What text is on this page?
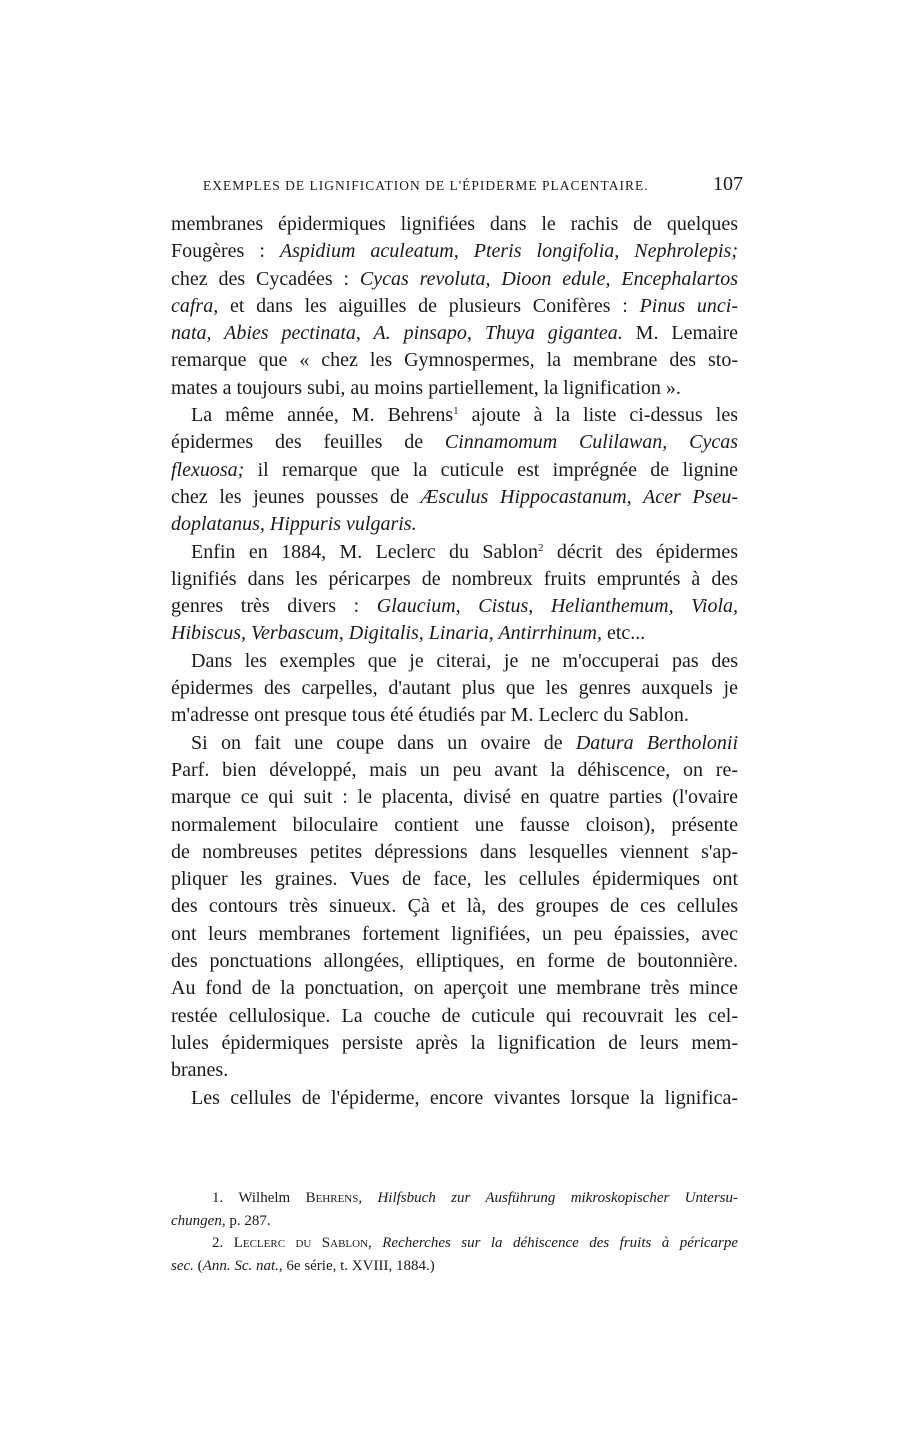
EXEMPLES DE LIGNIFICATION DE L'ÉPIDERME PLACENTAIRE.	107
membranes épidermiques lignifiées dans le rachis de quelques
Fougères : Aspidium aculeatum, Pteris longifolia, Nephrolepis;
chez des Cycadées : Cycas revoluta, Dioon edule, Encephalartos
cafra, et dans les aiguilles de plusieurs Conifères : Pinus unci-
nata, Abies pectinata, A. pinsapo, Thuya gigantea. M. Lemaire
remarque que « chez les Gymnospermes, la membrane des sto-
mates a toujours subi, au moins partiellement, la lignification ».
La même année, M. Behrens$^1$ ajoute à la liste ci-dessus les
épidermes des feuilles de Cinnamomum Culilawan, Cycas
flexuosa; il remarque que la cuticule est imprégnée de lignine
chez les jeunes pousses de Æsculus Hippocastanum, Acer Pseu-
doplatanus, Hippuris vulgaris.
Enfin en 1884, M. Leclerc du Sablon$^2$ décrit des épidermes
lignifiés dans les péricarpes de nombreux fruits empruntés à des
genres très divers : Glaucium, Cistus, Helianthemum, Viola,
Hibiscus, Verbascum, Digitalis, Linaria, Antirrhinum, etc...
Dans les exemples que je citerai, je ne m'occuperai pas des
épidermes des carpelles, d'autant plus que les genres auxquels je
m'adresse ont presque tous été étudiés par M. Leclerc du Sablon.
Si on fait une coupe dans un ovaire de Datura Bertholonii
Parf. bien développé, mais un peu avant la déhiscence, on re-
marque ce qui suit : le placenta, divisé en quatre parties (l'ovaire
normalement biloculaire contient une fausse cloison), présente
de nombreuses petites dépressions dans lesquelles viennent s'ap-
pliquer les graines. Vues de face, les cellules épidermiques ont
des contours très sinueux. Çà et là, des groupes de ces cellules
ont leurs membranes fortement lignifiées, un peu épaissies, avec
des ponctuations allongées, elliptiques, en forme de boutonnière.
Au fond de la ponctuation, on aperçoit une membrane très mince
restée cellulosique. La couche de cuticule qui recouvrait les cel-
lules épidermiques persiste après la lignification de leurs mem-
branes.
Les cellules de l'épiderme, encore vivantes lorsque la lignifica-
1. Wilhelm Behrens, Hilfsbuch zur Ausführung mikroskopischer Untersu-
chungen, p. 287.
2. Leclerc du Sablon, Recherches sur la déhiscence des fruits à péricarpe
sec. (Ann. Sc. nat., 6e série, t. XVIII, 1884.)
